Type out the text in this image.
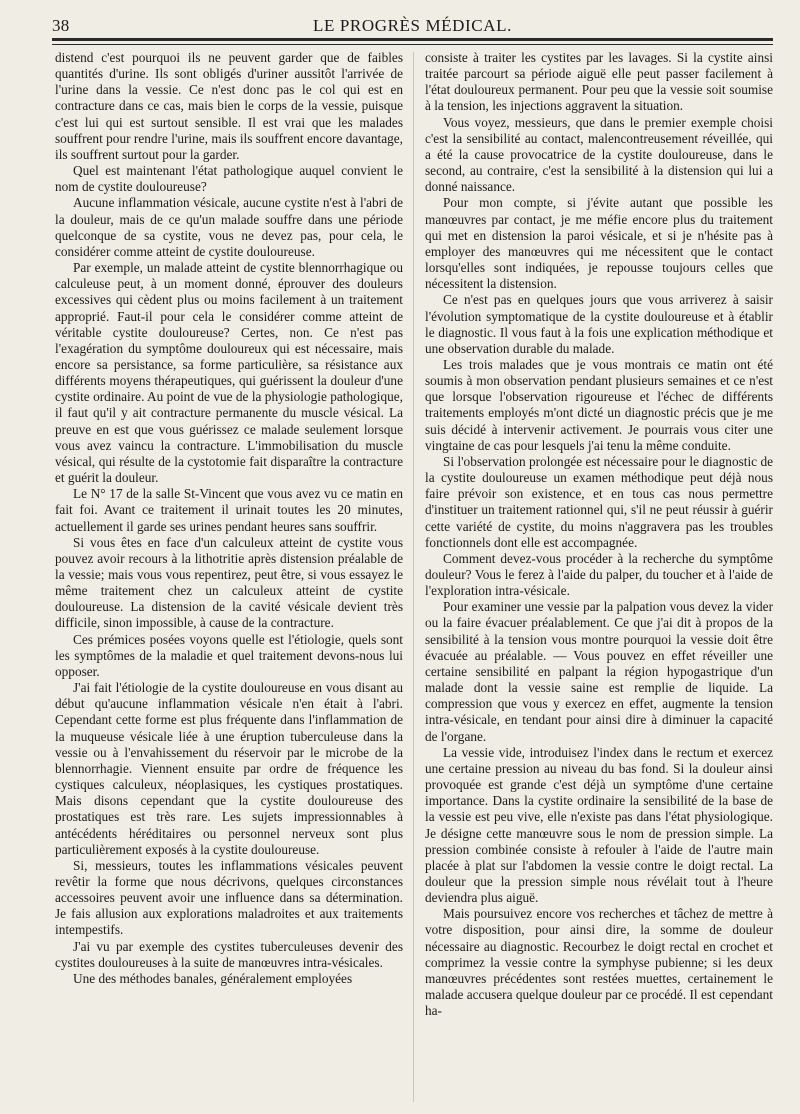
38	LE PROGRÈS MÉDICAL.

distend c'est pourquoi ils ne peuvent garder que de faibles quantités d'urine. Ils sont obligés d'uriner aussitôt l'arrivée de l'urine dans la vessie. Ce n'est donc pas le col qui est en contracture dans ce cas, mais bien le corps de la vessie, puisque c'est lui qui est surtout sensible. Il est vrai que les malades souffrent pour rendre l'urine, mais ils souffrent encore davantage, ils souffrent surtout pour la garder.

Quel est maintenant l'état pathologique auquel convient le nom de cystite douloureuse?

Aucune inflammation vésicale, aucune cystite n'est à l'abri de la douleur, mais de ce qu'un malade souffre dans une période quelconque de sa cystite, vous ne devez pas, pour cela, le considérer comme atteint de cystite douloureuse.

Par exemple, un malade atteint de cystite blennorrhagique ou calculeuse peut, à un moment donné, éprouver des douleurs excessives qui cèdent plus ou moins facilement à un traitement approprié. Faut-il pour cela le considérer comme atteint de véritable cystite douloureuse? Certes, non. Ce n'est pas l'exagération du symptôme douloureux qui est nécessaire, mais encore sa persistance, sa forme particulière, sa résistance aux différents moyens thérapeutiques, qui guérissent la douleur d'une cystite ordinaire. Au point de vue de la physiologie pathologique, il faut qu'il y ait contracture permanente du muscle vésical. La preuve en est que vous guérissez ce malade seulement lorsque vous avez vaincu la contracture. L'immobilisation du muscle vésical, qui résulte de la cystotomie fait disparaître la contracture et guérit la douleur.

Le N° 17 de la salle St-Vincent que vous avez vu ce matin en fait foi. Avant ce traitement il urinait toutes les 20 minutes, actuellement il garde ses urines pendant heures sans souffrir.

Si vous êtes en face d'un calculeux atteint de cystite vous pouvez avoir recours à la lithotritie après distension préalable de la vessie; mais vous vous repentirez, peut être, si vous essayez le même traitement chez un calculeux atteint de cystite douloureuse. La distension de la cavité vésicale devient très difficile, sinon impossible, à cause de la contracture.

Ces prémices posées voyons quelle est l'étiologie, quels sont les symptômes de la maladie et quel traitement devons-nous lui opposer.

J'ai fait l'étiologie de la cystite douloureuse en vous disant au début qu'aucune inflammation vésicale n'en était à l'abri. Cependant cette forme est plus fréquente dans l'inflammation de la muqueuse vésicale liée à une éruption tuberculeuse dans la vessie ou à l'envahissement du réservoir par le microbe de la blennorrhagie. Viennent ensuite par ordre de fréquence les cystiques calculeux, néoplasiques, les cystiques prostatiques. Mais disons cependant que la cystite douloureuse des prostatiques est très rare. Les sujets impressionnables à antécédents héréditaires ou personnel nerveux sont plus particulièrement exposés à la cystite douloureuse.

Si, messieurs, toutes les inflammations vésicales peuvent revêtir la forme que nous décrivons, quelques circonstances accessoires peuvent avoir une influence dans sa détermination. Je fais allusion aux explorations maladroites et aux traitements intempestifs.

J'ai vu par exemple des cystites tuberculeuses devenir des cystites douloureuses à la suite de manœuvres intra-vésicales.

Une des méthodes banales, généralement employées

consiste à traiter les cystites par les lavages. Si la cystite ainsi traitée parcourt sa période aiguë elle peut passer facilement à l'état douloureux permanent. Pour peu que la vessie soit soumise à la tension, les injections aggravent la situation.

Vous voyez, messieurs, que dans le premier exemple choisi c'est la sensibilité au contact, malencontreusement réveillée, qui a été la cause provocatrice de la cystite douloureuse, dans le second, au contraire, c'est la sensibilité à la distension qui lui a donné naissance.

Pour mon compte, si j'évite autant que possible les manœuvres par contact, je me méfie encore plus du traitement qui met en distension la paroi vésicale, et si je n'hésite pas à employer des manœuvres qui me nécessitent que le contact lorsqu'elles sont indiquées, je repousse toujours celles que nécessitent la distension.

Ce n'est pas en quelques jours que vous arriverez à saisir l'évolution symptomatique de la cystite douloureuse et à établir le diagnostic. Il vous faut à la fois une explication méthodique et une observation durable du malade.

Les trois malades que je vous montrais ce matin ont été soumis à mon observation pendant plusieurs semaines et ce n'est que lorsque l'observation rigoureuse et l'échec de différents traitements employés m'ont dicté un diagnostic précis que je me suis décidé à intervenir activement. Je pourrais vous citer une vingtaine de cas pour lesquels j'ai tenu la même conduite.

Si l'observation prolongée est nécessaire pour le diagnostic de la cystite douloureuse un examen méthodique peut déjà nous faire prévoir son existence, et en tous cas nous permettre d'instituer un traitement rationnel qui, s'il ne peut réussir à guérir cette variété de cystite, du moins n'aggravera pas les troubles fonctionnels dont elle est accompagnée.

Comment devez-vous procéder à la recherche du symptôme douleur? Vous le ferez à l'aide du palper, du toucher et à l'aide de l'exploration intra-vésicale.

Pour examiner une vessie par la palpation vous devez la vider ou la faire évacuer préalablement. Ce que j'ai dit à propos de la sensibilité à la tension vous montre pourquoi la vessie doit être évacuée au préalable. — Vous pouvez en effet réveiller une certaine sensibilité en palpant la région hypogastrique d'un malade dont la vessie saine est remplie de liquide. La compression que vous y exercez en effet, augmente la tension intra-vésicale, en tendant pour ainsi dire à diminuer la capacité de l'organe.

La vessie vide, introduisez l'index dans le rectum et exercez une certaine pression au niveau du bas fond. Si la douleur ainsi provoquée est grande c'est déjà un symptôme d'une certaine importance. Dans la cystite ordinaire la sensibilité de la base de la vessie est peu vive, elle n'existe pas dans l'état physiologique. Je désigne cette manœuvre sous le nom de pression simple. La pression combinée consiste à refouler à l'aide de l'autre main placée à plat sur l'abdomen la vessie contre le doigt rectal. La douleur que la pression simple nous révélait tout à l'heure deviendra plus aiguë.

Mais poursuivez encore vos recherches et tâchez de mettre à votre disposition, pour ainsi dire, la somme de douleur nécessaire au diagnostic. Recourbez le doigt rectal en crochet et comprimez la vessie contre la symphyse pubienne; si les deux manœuvres précédentes sont restées muettes, certainement le malade accusera quelque douleur par ce procédé. Il est cependant ha-
